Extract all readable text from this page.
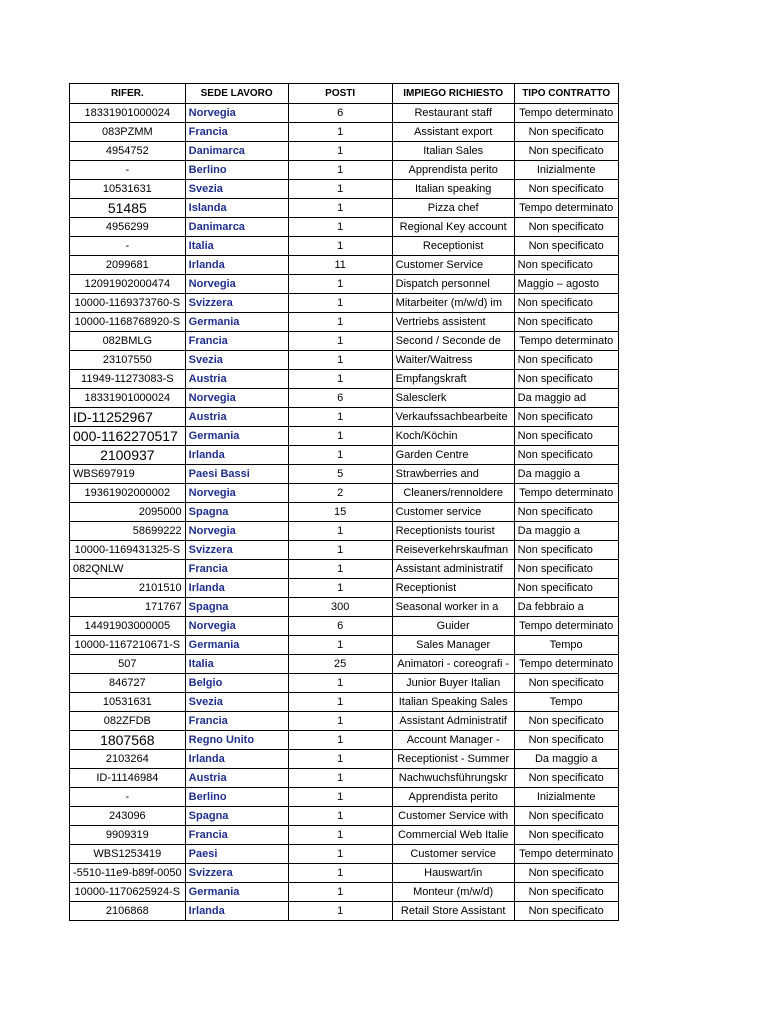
RIFER.	SEDE LAVORO	POSTI	IMPIEGO RICHIESTO	TIPO CONTRATTO
18331901000024	Norvegia	6	Restaurant staff	Tempo determinato
083PZMM	Francia	1	Assistant export	Non specificato
4954752	Danimarca	1	Italian Sales	Non specificato
-	Berlino	1	Apprendista perito	Inizialmente
10531631	Svezia	1	Italian speaking	Non specificato
51485	Islanda	1	Pizza chef	Tempo determinato
4956299	Danimarca	1	Regional Key account	Non specificato
-	Italia	1	Receptionist	Non specificato
2099681	Irlanda	11	Customer Service	Non specificato
12091902000474	Norvegia	1	Dispatch personnel	Maggio – agosto
10000-1169373760-S	Svizzera	1	Mitarbeiter (m/w/d) im	Non specificato
10000-1168768920-S	Germania	1	Vertriebs assistent	Non specificato
082BMLG	Francia	1	Second / Seconde de	Tempo determinato
23107550	Svezia	1	Waiter/Waitress	Non specificato
11949-11273083-S	Austria	1	Empfangskraft	Non specificato
18331901000024	Norvegia	6	Salesclerk	Da maggio ad
ID-11252967	Austria	1	Verkaufssachbearbeite	Non specificato
000-1162270517	Germania	1	Koch/Köchin	Non specificato
2100937	Irlanda	1	Garden Centre	Non specificato
WBS697919	Paesi Bassi	5	Strawberries and	Da maggio a
19361902000002	Norvegia	2	Cleaners/rennoldere	Tempo determinato
2095000	Spagna	15	Customer service	Non specificato
58699222	Norvegia	1	Receptionists tourist	Da maggio a
10000-1169431325-S	Svizzera	1	Reiseverkehrskaufman	Non specificato
082QNLW	Francia	1	Assistant administratif	Non specificato
2101510	Irlanda	1	Receptionist	Non specificato
171767	Spagna	300	Seasonal worker in a	Da febbraio a
14491903000005	Norvegia	6	Guider	Tempo determinato
10000-1167210671-S	Germania	1	Sales Manager	Tempo
507	Italia	25	Animatori - coreografi -	Tempo determinato
846727	Belgio	1	Junior Buyer Italian	Non specificato
10531631	Svezia	1	Italian Speaking Sales	Tempo
082ZFDB	Francia	1	Assistant Administratif	Non specificato
1807568	Regno Unito	1	Account Manager -	Non specificato
2103264	Irlanda	1	Receptionist - Summer	Da maggio a
ID-11146984	Austria	1	Nachwuchsführungskr	Non specificato
-	Berlino	1	Apprendista perito	Inizialmente
243096	Spagna	1	Customer Service with	Non specificato
9909319	Francia	1	Commercial Web Italie	Non specificato
WBS1253419	Paesi	1	Customer service	Tempo determinato
-5510-11e9-b89f-0050	Svizzera	1	Hauswart/in	Non specificato
10000-1170625924-S	Germania	1	Monteur (m/w/d)	Non specificato
2106868	Irlanda	1	Retail Store Assistant	Non specificato
